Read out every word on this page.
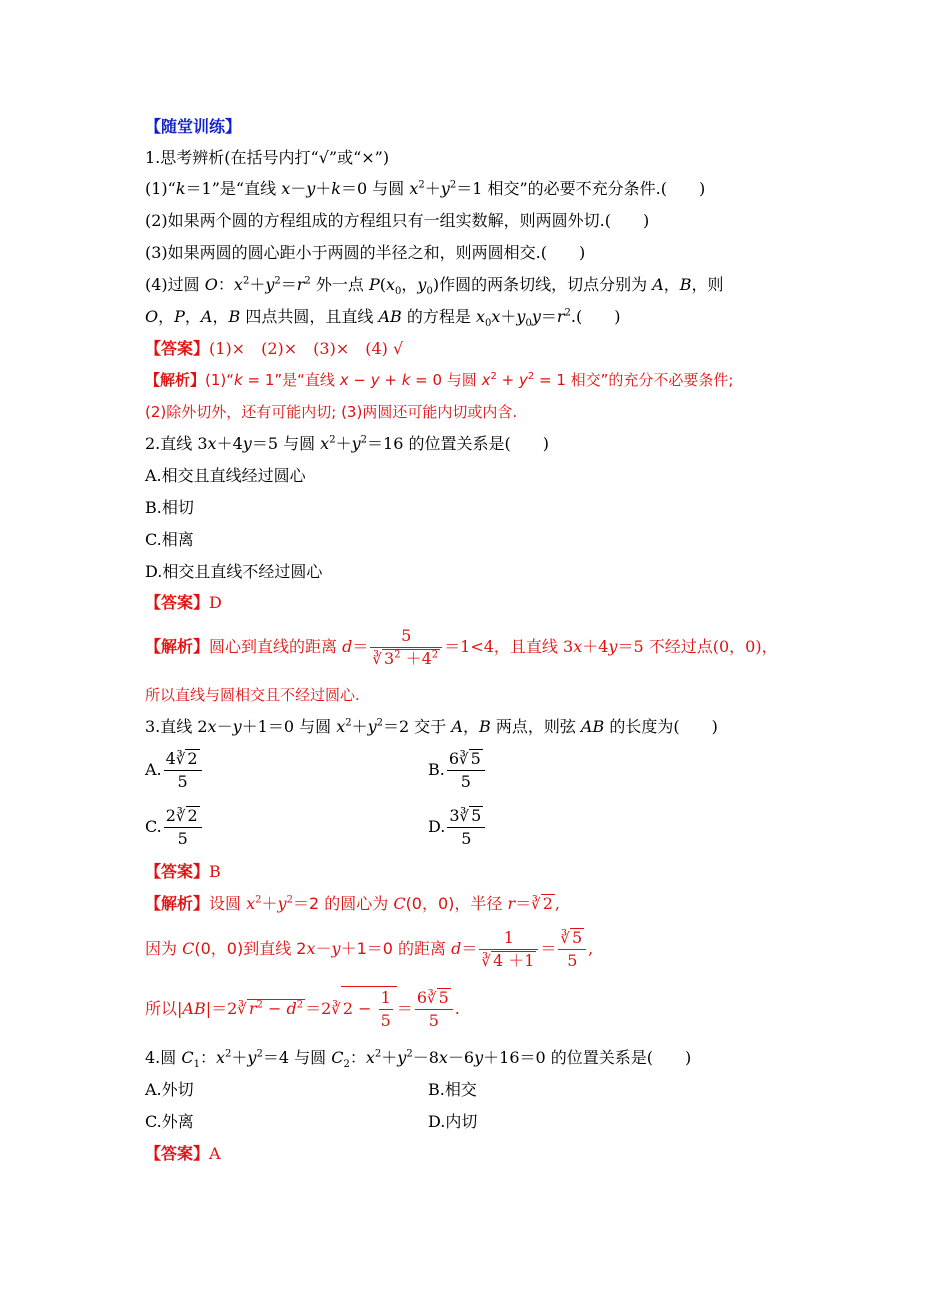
【随堂训练】
1.思考辨析(在括号内打“√”或“×”)
(1)“k＝1”是“直线 x－y＋k＝0 与圆 $x^2+y^2=1$ 相交”的必要不充分条件.(　　)
(2)如果两个圆的方程组成的方程组只有一组实数解，则两圆外切.(　　)
(3)如果两圆的圆心距小于两圆的半径之和，则两圆相交.(　　)
(4)过圆 O：$x^2+y^2=r^2$ 外一点 $P(x_0$，$y_0$)作圆的两条切线，切点分别为 A，B，则
O，P，A，B 四点共圆，且直线 AB 的方程是 $x_0x+y_0y=r^2$.(　　)
【答案】(1)×　(2)×　(3)×　(4) √
【解析】(1)“k = 1”是“直线 x − y + k = 0 与圆 $x^2 + y^2 = 1$ 相交”的充分不必要条件;
(2)除外切外，还有可能内切; (3)两圆还可能内切或内含.
2.直线 3x＋4y＝5 与圆 $x^2+y^2=16$ 的位置关系是(　　)
A.相交且直线经过圆心
B.相切
C.相离
D.相交且直线不经过圆心
【答案】D
【解析】圆心到直线的距离 $d= \frac{5}{∛ 3^2 +4^2} =1<4$，且直线 3x＋4y＝5 不经过点(0，0)，
所以直线与圆相交且不经过圆心.
3.直线 2x－y＋1＝0 与圆 $x^2+y^2=2$ 交于 A，B 两点，则弦 AB 的长度为(　　)
A. $\frac{4∛ 2}{5}$	B. $\frac{6∛ 5}{5}$
C. $\frac{2∛ 2}{5}$	D. $\frac{3∛ 5}{5}$
【答案】B
【解析】设圆 $x^2+y^2=2$ 的圆心为 C(0，0)，半径 r＝∛ 2 ,
因为 C(0，0)到直线 2x－y＋1＝0 的距离 $d= \frac{1}{∛ 4 +1} = \frac{∛ 5}{5}$ ,
所以|AB|＝2∛ $r^2 - d^2$ ＝2∛ $2 - \frac{1}{5} = \frac{6∛ 5}{5}$ .
4.圆 $C_1$：$x^2+y^2=4$ 与圆 $C_2$：$x^2+y^2-8x-6y+16=0$ 的位置关系是(　　)
A.外切	B.相交
C.外离	D.内切
【答案】A
